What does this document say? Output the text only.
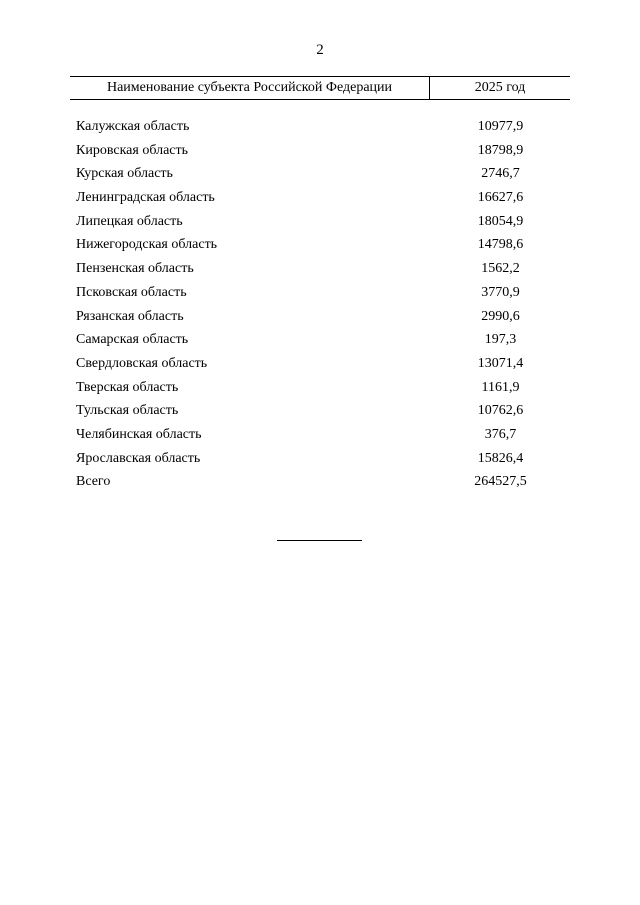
2
Наименование субъекта Российской Федерации	2025 год
Калужская область	10977,9
Кировская область	18798,9
Курская область	2746,7
Ленинградская область	16627,6
Липецкая область	18054,9
Нижегородская область	14798,6
Пензенская область	1562,2
Псковская область	3770,9
Рязанская область	2990,6
Самарская область	197,3
Свердловская область	13071,4
Тверская область	1161,9
Тульская область	10762,6
Челябинская область	376,7
Ярославская область	15826,4
Всего	264527,5
